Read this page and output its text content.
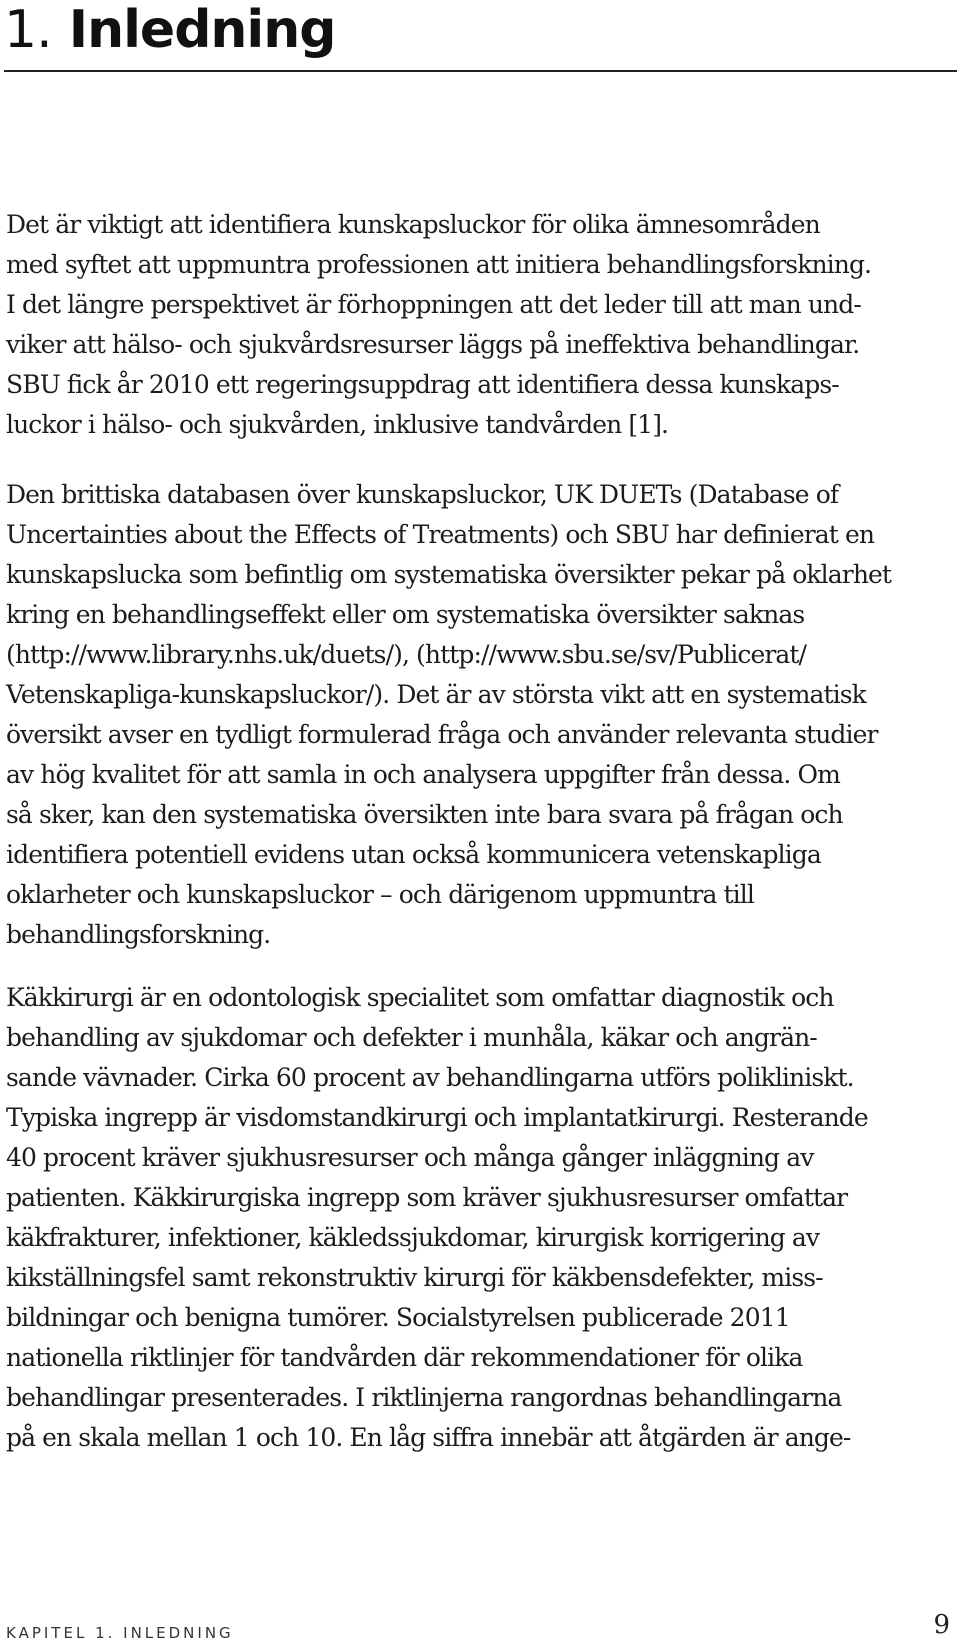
1. Inledning

Det är viktigt att identifiera kunskapsluckor för olika ämnesområden
med syftet att uppmuntra professionen att initiera behandlingsforskning.
I det längre perspektivet är förhoppningen att det leder till att man und-
viker att hälso- och sjukvårdsresurser läggs på ineffektiva behandlingar.
SBU fick år 2010 ett regeringsuppdrag att identifiera dessa kunskaps-
luckor i hälso- och sjukvården, inklusive tandvården [1].

Den brittiska databasen över kunskapsluckor, UK DUETs (Database of
Uncertainties about the Effects of Treatments) och SBU har definierat en
kunskapslucka som befintlig om systematiska översikter pekar på oklarhet
kring en behandlingseffekt eller om systematiska översikter saknas
(http://www.library.nhs.uk/duets/), (http://www.sbu.se/sv/Publicerat/
Vetenskapliga-kunskapsluckor/). Det är av största vikt att en systematisk
översikt avser en tydligt formulerad fråga och använder relevanta studier
av hög kvalitet för att samla in och analysera uppgifter från dessa. Om
så sker, kan den systematiska översikten inte bara svara på frågan och
identifiera potentiell evidens utan också kommunicera vetenskapliga
oklarheter och kunskapsluckor – och därigenom uppmuntra till
behandlingsforskning.

Käkkirurgi är en odontologisk specialitet som omfattar diagnostik och
behandling av sjukdomar och defekter i munhåla, käkar och angrän-
sande vävnader. Cirka 60 procent av behandlingarna utförs polikliniskt.
Typiska ingrepp är visdomstandkirurgi och implantatkirurgi. Resterande
40 procent kräver sjukhusresurser och många gånger inläggning av
patienten. Käkkirurgiska ingrepp som kräver sjukhusresurser omfattar
käkfrakturer, infektioner, käkledssjukdomar, kirurgisk korrigering av
kikställningsfel samt rekonstruktiv kirurgi för käkbensdefekter, miss-
bildningar och benigna tumörer. Socialstyrelsen publicerade 2011
nationella riktlinjer för tandvården där rekommendationer för olika
behandlingar presenterades. I riktlinjerna rangordnas behandlingarna
på en skala mellan 1 och 10. En låg siffra innebär att åtgärden är ange-

KAPITEL 1. INLEDNING	9
